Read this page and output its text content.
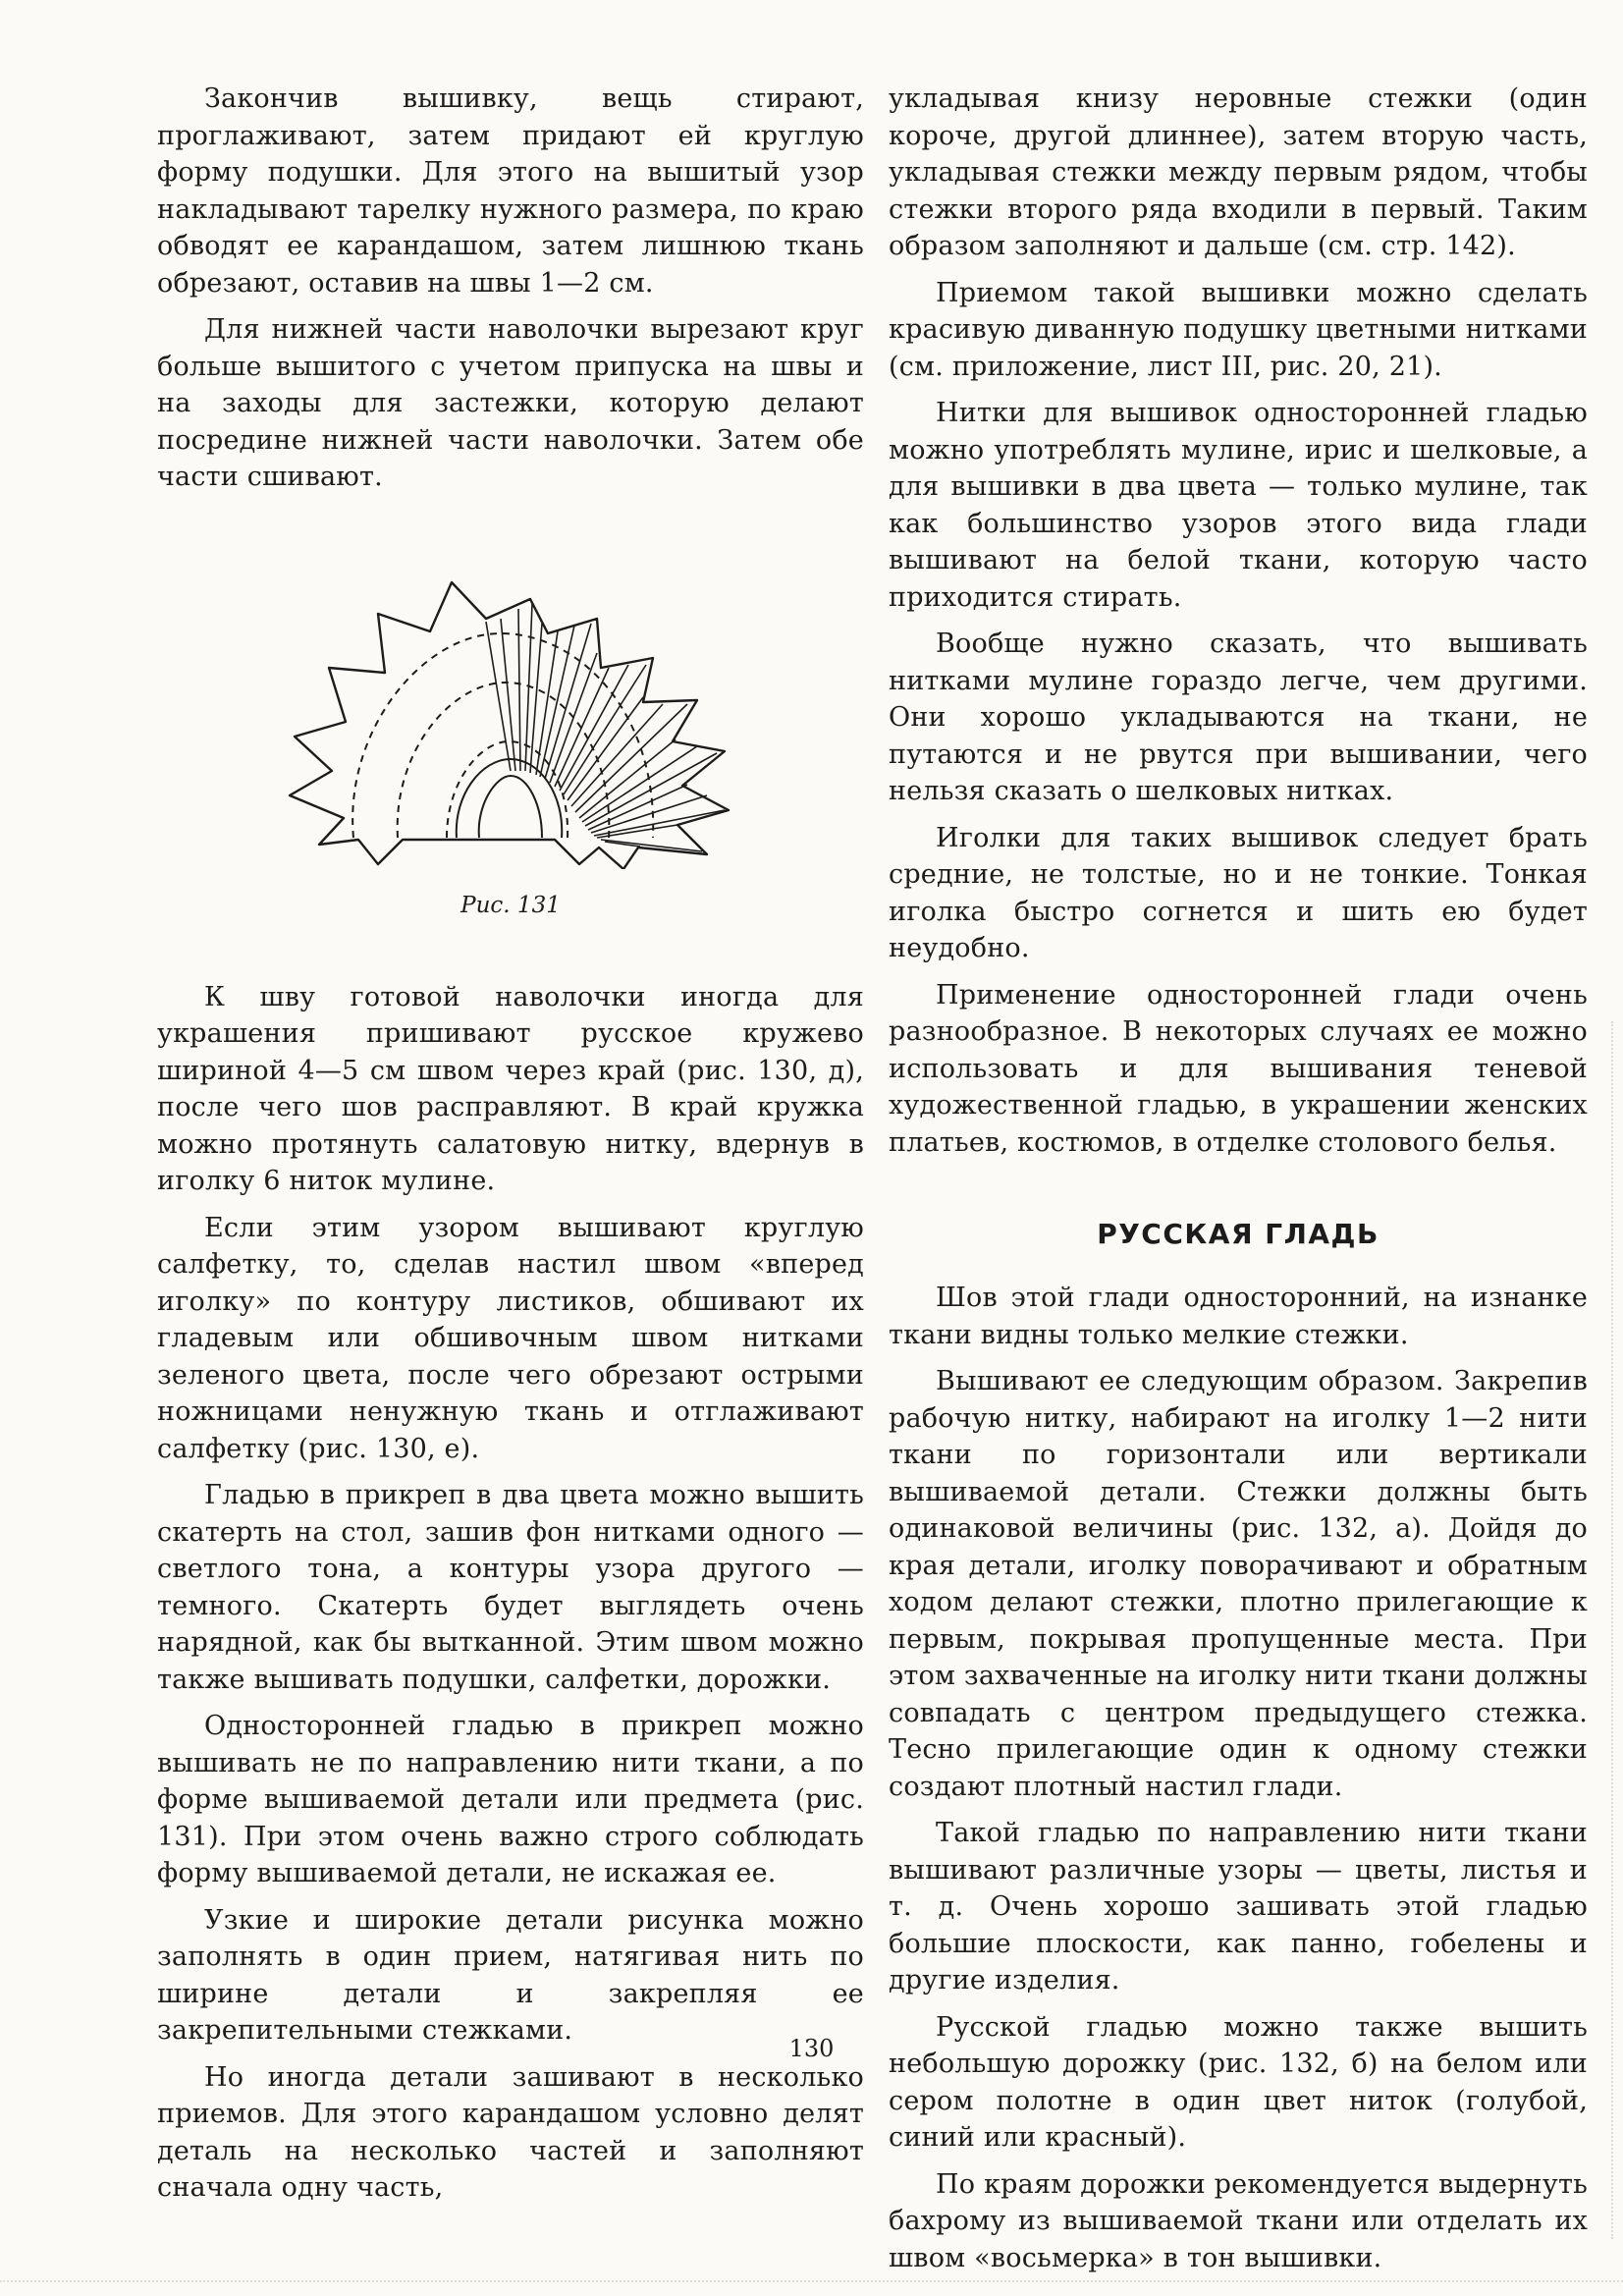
Закончив вышивку, вещь стирают, проглаживают, затем придают ей круглую форму подушки. Для этого на вышитый узор накладывают тарелку нужного размера, по краю обводят ее карандашом, затем лишнюю ткань обрезают, оставив на швы 1—2 см.

Для нижней части наволочки вырезают круг больше вышитого с учетом припуска на швы и на заходы для застежки, которую делают посредине нижней части наволочки. Затем обе части сшивают.

Рис. 131

К шву готовой наволочки иногда для украшения пришивают русское кружево шириной 4—5 см швом через край (рис. 130, д), после чего шов расправляют. В край кружка можно протянуть салатовую нитку, вдернув в иголку 6 ниток мулине.

Если этим узором вышивают круглую салфетку, то, сделав настил швом «вперед иголку» по контуру листиков, обшивают их гладевым или обшивочным швом нитками зеленого цвета, после чего обрезают острыми ножницами ненужную ткань и отглаживают салфетку (рис. 130, е).

Гладью в прикреп в два цвета можно вышить скатерть на стол, зашив фон нитками одного — светлого тона, а контуры узора другого — темного. Скатерть будет выглядеть очень нарядной, как бы вытканной. Этим швом можно также вышивать подушки, салфетки, дорожки.

Односторонней гладью в прикреп можно вышивать не по направлению нити ткани, а по форме вышиваемой детали или предмета (рис. 131). При этом очень важно строго соблюдать форму вышиваемой детали, не искажая ее.

Узкие и широкие детали рисунка можно заполнять в один прием, натягивая нить по ширине детали и закрепляя ее закрепительными стежками.

Но иногда детали зашивают в несколько приемов. Для этого карандашом условно делят деталь на несколько частей и заполняют сначала одну часть,

укладывая книзу неровные стежки (один короче, другой длиннее), затем вторую часть, укладывая стежки между первым рядом, чтобы стежки второго ряда входили в первый. Таким образом заполняют и дальше (см. стр. 142).

Приемом такой вышивки можно сделать красивую диванную подушку цветными нитками (см. приложение, лист III, рис. 20, 21).

Нитки для вышивок односторонней гладью можно употреблять мулине, ирис и шелковые, а для вышивки в два цвета — только мулине, так как большинство узоров этого вида глади вышивают на белой ткани, которую часто приходится стирать.

Вообще нужно сказать, что вышивать нитками мулине гораздо легче, чем другими. Они хорошо укладываются на ткани, не путаются и не рвутся при вышивании, чего нельзя сказать о шелковых нитках.

Иголки для таких вышивок следует брать средние, не толстые, но и не тонкие. Тонкая иголка быстро согнется и шить ею будет неудобно.

Применение односторонней глади очень разнообразное. В некоторых случаях ее можно использовать и для вышивания теневой художественной гладью, в украшении женских платьев, костюмов, в отделке столового белья.

РУССКАЯ ГЛАДЬ

Шов этой глади односторонний, на изнанке ткани видны только мелкие стежки.

Вышивают ее следующим образом. Закрепив рабочую нитку, набирают на иголку 1—2 нити ткани по горизонтали или вертикали вышиваемой детали. Стежки должны быть одинаковой величины (рис. 132, а). Дойдя до края детали, иголку поворачивают и обратным ходом делают стежки, плотно прилегающие к первым, покрывая пропущенные места. При этом захваченные на иголку нити ткани должны совпадать с центром предыдущего стежка. Тесно прилегающие один к одному стежки создают плотный настил глади.

Такой гладью по направлению нити ткани вышивают различные узоры — цветы, листья и т. д. Очень хорошо зашивать этой гладью большие плоскости, как панно, гобелены и другие изделия.

Русской гладью можно также вышить небольшую дорожку (рис. 132, б) на белом или сером полотне в один цвет ниток (голубой, синий или красный).

По краям дорожки рекомендуется выдернуть бахрому из вышиваемой ткани или отделать их швом «восьмерка» в тон вышивки.

130
